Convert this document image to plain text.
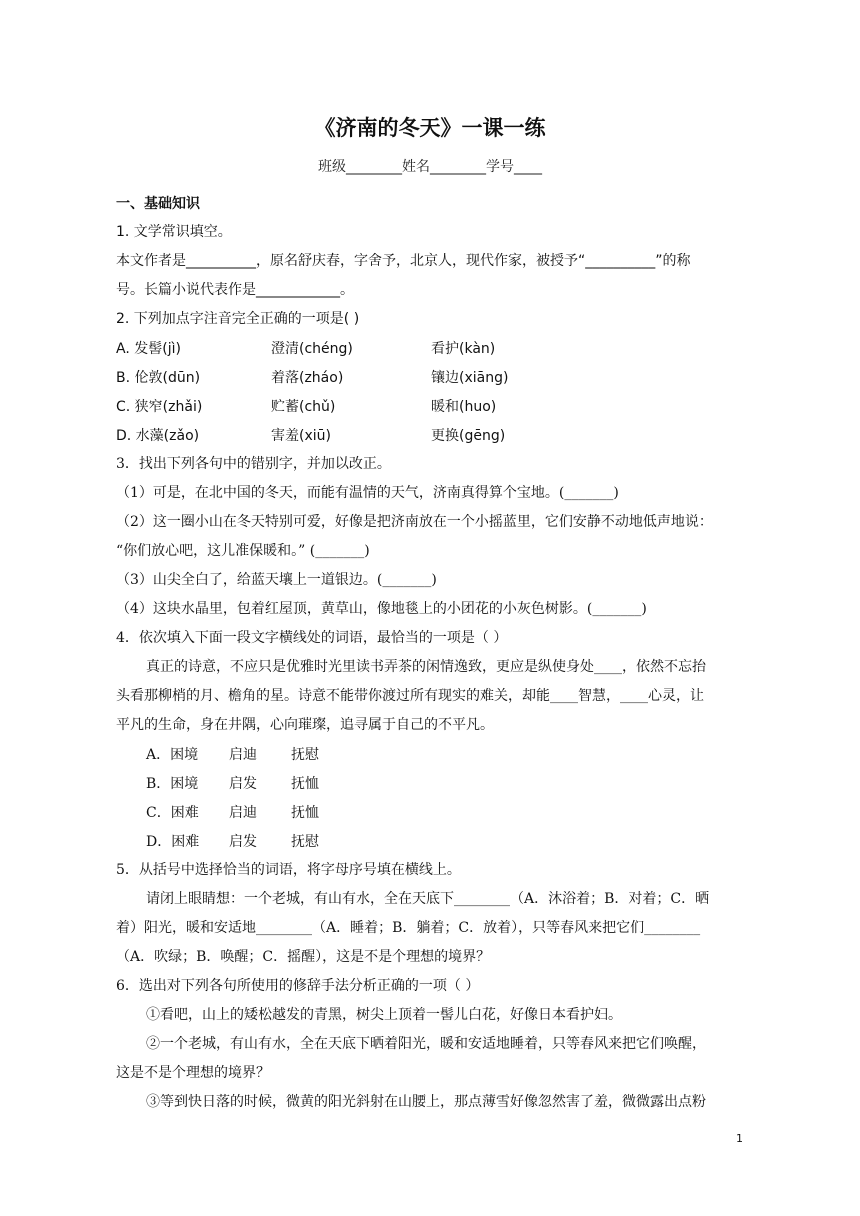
《济南的冬天》一课一练
班级________姓名________学号____
一、基础知识
1. 文学常识填空。
本文作者是__________，原名舒庆春，字舍予，北京人，现代作家，被授予“__________”的称
号。长篇小说代表作是____________。
2. 下列加点字注音完全正确的一项是( )
A. 发髻(jì)	澄清(chéng)	看护(kàn)
B. 伦敦(dūn)	着落(zháo)	镶边(xiāng)
C. 狭窄(zhǎi)	贮蓄(chǔ)	暖和(huo)
D. 水藻(zǎo)	害羞(xiū)	更换(gēng)
3．找出下列各句中的错别字，并加以改正。
（1）可是，在北中国的冬天，而能有温情的天气，济南真得算个宝地。(_______)
（2）这一圈小山在冬天特别可爱，好像是把济南放在一个小摇蓝里，它们安静不动地低声地说：
“你们放心吧，这儿准保暖和。” (_______)
（3）山尖全白了，给蓝天壤上一道银边。(_______)
（4）这块水晶里，包着红屋顶，黄草山，像地毯上的小团花的小灰色树影。(_______)
4．依次填入下面一段文字横线处的词语，最恰当的一项是（ ）
真正的诗意，不应只是优雅时光里读书弄茶的闲情逸致，更应是纵使身处____，依然不忘抬
头看那柳梢的月、檐角的星。诗意不能带你渡过所有现实的难关，却能____智慧，____心灵，让
平凡的生命，身在井隅，心向璀璨，追寻属于自己的不平凡。
A．困境 启迪 抚慰
B．困境 启发 抚恤
C．困难 启迪 抚恤
D．困难 启发 抚慰
5．从括号中选择恰当的词语，将字母序号填在横线上。
请闭上眼睛想：一个老城，有山有水，全在天底下________（A．沐浴着；B．对着；C．晒
着）阳光，暖和安适地________（A．睡着；B．躺着；C．放着），只等春风来把它们________
（A．吹绿；B．唤醒；C．摇醒），这是不是个理想的境界？
6．选出对下列各句所使用的修辞手法分析正确的一项（ ）
①看吧，山上的矮松越发的青黑，树尖上顶着一髻儿白花，好像日本看护妇。
②一个老城，有山有水，全在天底下晒着阳光，暖和安适地睡着，只等春风来把它们唤醒，
这是不是个理想的境界？
③等到快日落的时候，微黄的阳光斜射在山腰上，那点薄雪好像忽然害了羞，微微露出点粉
1
